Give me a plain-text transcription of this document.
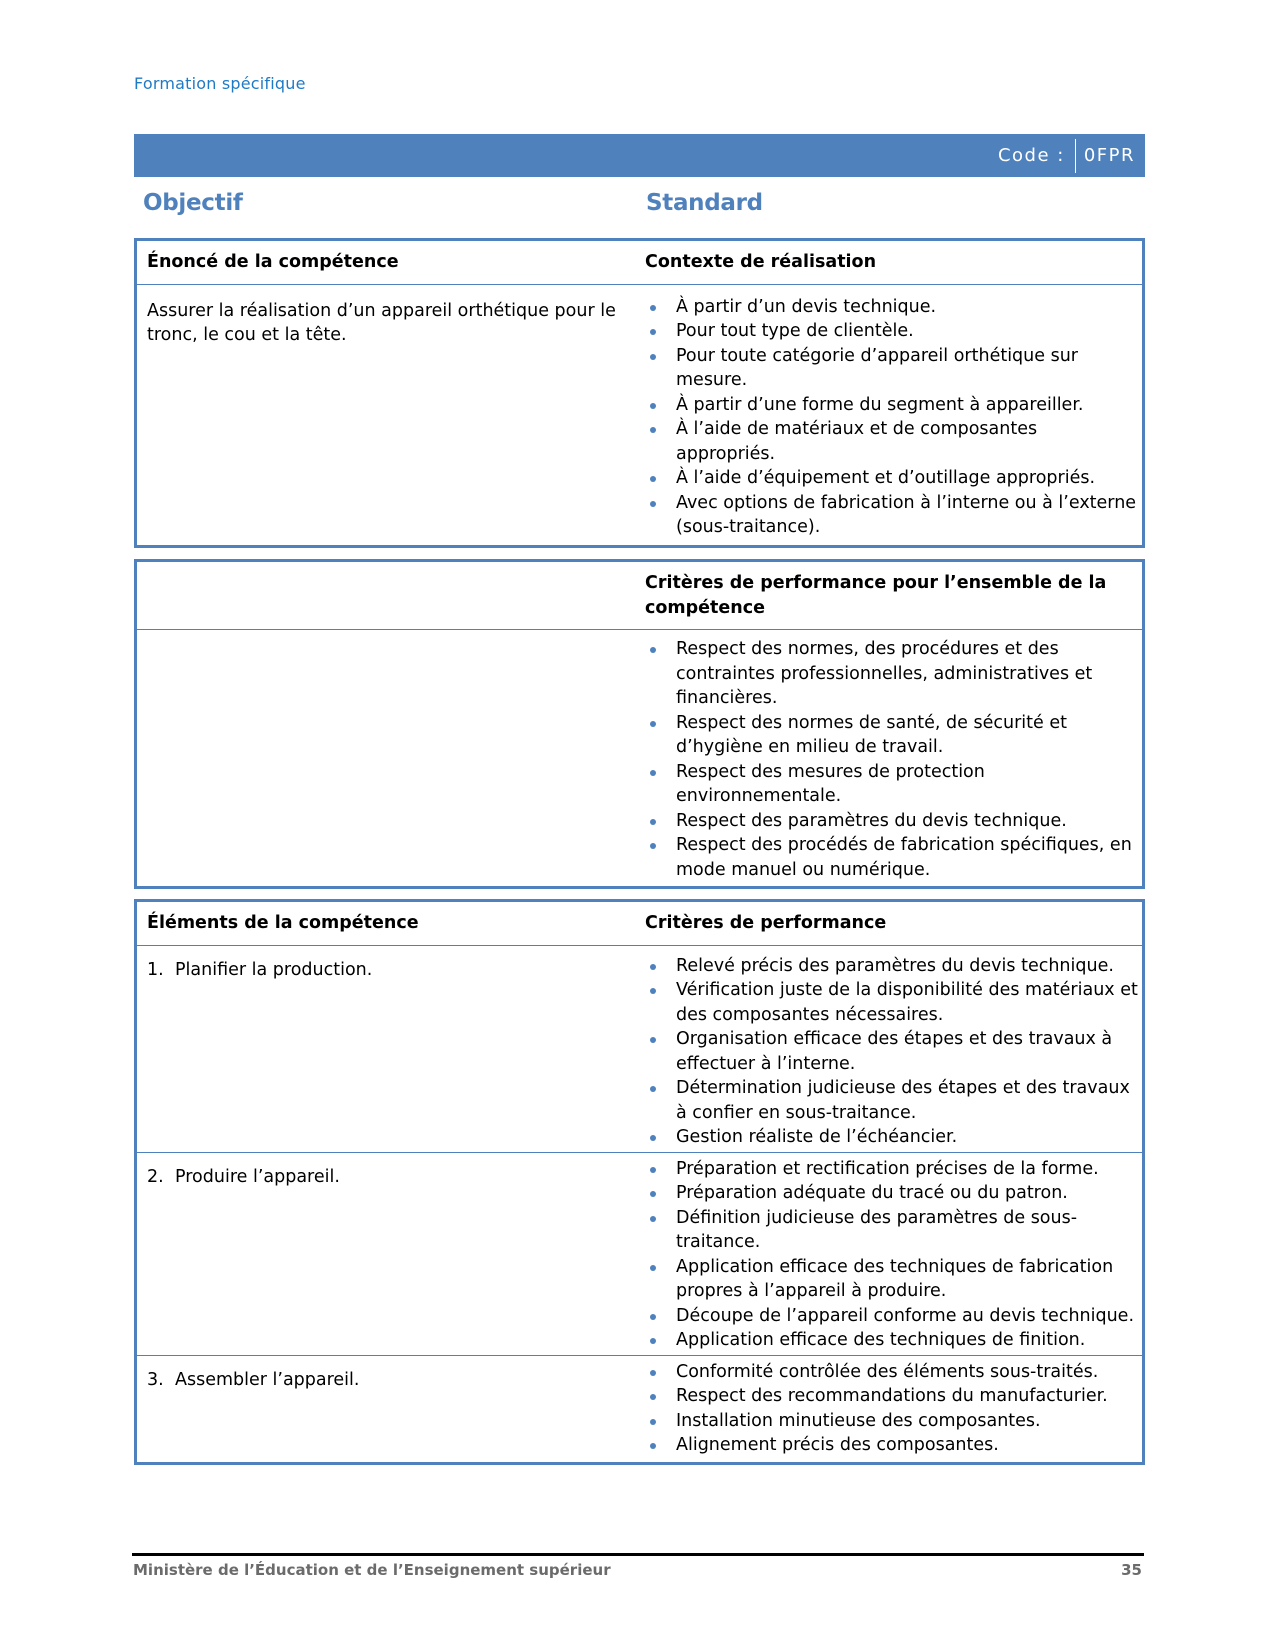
Formation spécifique
Code :	0FPR
Objectif	Standard
Énoncé de la compétence	Contexte de réalisation

Assurer la réalisation d’un appareil orthétique pour le tronc, le cou et la tête.

À partir d’un devis technique.
Pour tout type de clientèle.
Pour toute catégorie d’appareil orthétique sur mesure.
À partir d’une forme du segment à appareiller.
À l’aide de matériaux et de composantes appropriés.
À l’aide d’équipement et d’outillage appropriés.
Avec options de fabrication à l’interne ou à l’externe (sous-traitance).
	Critères de performance pour l’ensemble de la compétence

Respect des normes, des procédures et des contraintes professionnelles, administratives et financières.
Respect des normes de santé, de sécurité et d’hygiène en milieu de travail.
Respect des mesures de protection environnementale.
Respect des paramètres du devis technique.
Respect des procédés de fabrication spécifiques, en mode manuel ou numérique.
Éléments de la compétence	Critères de performance
1. Planifier la production.	Relevé précis des paramètres du devis technique.
Vérification juste de la disponibilité des matériaux et des composantes nécessaires.
Organisation efficace des étapes et des travaux à effectuer à l’interne.
Détermination judicieuse des étapes et des travaux à confier en sous-traitance.
Gestion réaliste de l’échéancier.

2. Produire l’appareil.	Préparation et rectification précises de la forme.
Préparation adéquate du tracé ou du patron.
Définition judicieuse des paramètres de sous-traitance.
Application efficace des techniques de fabrication propres à l’appareil à produire.
Découpe de l’appareil conforme au devis technique.
Application efficace des techniques de finition.

3. Assembler l’appareil.	Conformité contrôlée des éléments sous-traités.
Respect des recommandations du manufacturier.
Installation minutieuse des composantes.
Alignement précis des composantes.
Ministère de l’Éducation et de l’Enseignement supérieur	35
